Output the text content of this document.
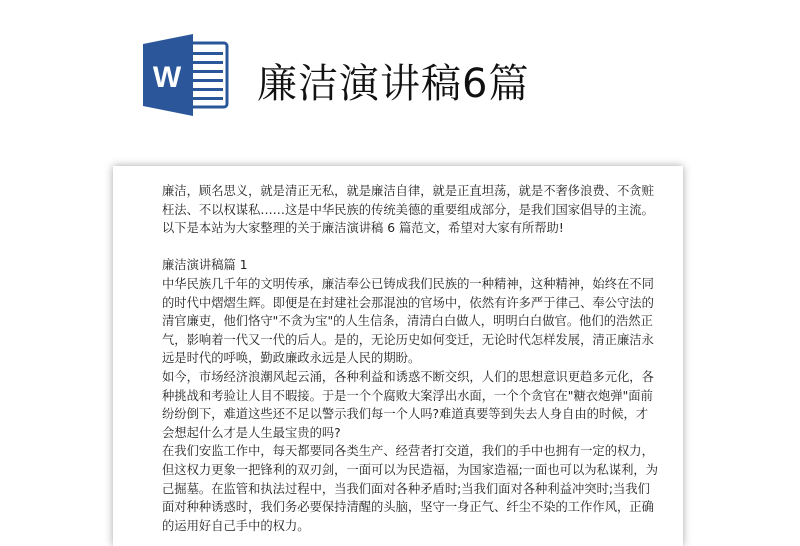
W 廉洁演讲稿6篇
廉洁，顾名思义，就是清正无私，就是廉洁自律，就是正直坦荡，就是不奢侈浪费、不贪赃
枉法、不以权谋私……这是中华民族的传统美德的重要组成部分，是我们国家倡导的主流。
以下是本站为大家整理的关于廉洁演讲稿 6 篇范文，希望对大家有所帮助!
廉洁演讲稿篇 1
中华民族几千年的文明传承，廉洁奉公已铸成我们民族的一种精神，这种精神，始终在不同
的时代中熠熠生辉。即便是在封建社会那混浊的官场中，依然有许多严于律己、奉公守法的
清官廉吏，他们恪守"不贪为宝"的人生信条，清清白白做人，明明白白做官。他们的浩然正
气，影响着一代又一代的后人。是的，无论历史如何变迁，无论时代怎样发展，清正廉洁永
远是时代的呼唤，勤政廉政永远是人民的期盼。
如今，市场经济浪潮风起云涌，各种利益和诱惑不断交织，人们的思想意识更趋多元化，各
种挑战和考验让人目不暇接。于是一个个腐败大案浮出水面，一个个贪官在"糖衣炮弹"面前
纷纷倒下，难道这些还不足以警示我们每一个人吗?难道真要等到失去人身自由的时候，才
会想起什么才是人生最宝贵的吗?
在我们安监工作中，每天都要同各类生产、经营者打交道，我们的手中也拥有一定的权力，
但这权力更象一把锋利的双刃剑，一面可以为民造福，为国家造福;一面也可以为私谋利，为
己掘墓。在监管和执法过程中，当我们面对各种矛盾时;当我们面对各种利益冲突时;当我们
面对种种诱惑时，我们务必要保持清醒的头脑，坚守一身正气、纤尘不染的工作作风，正确
的运用好自己手中的权力。
